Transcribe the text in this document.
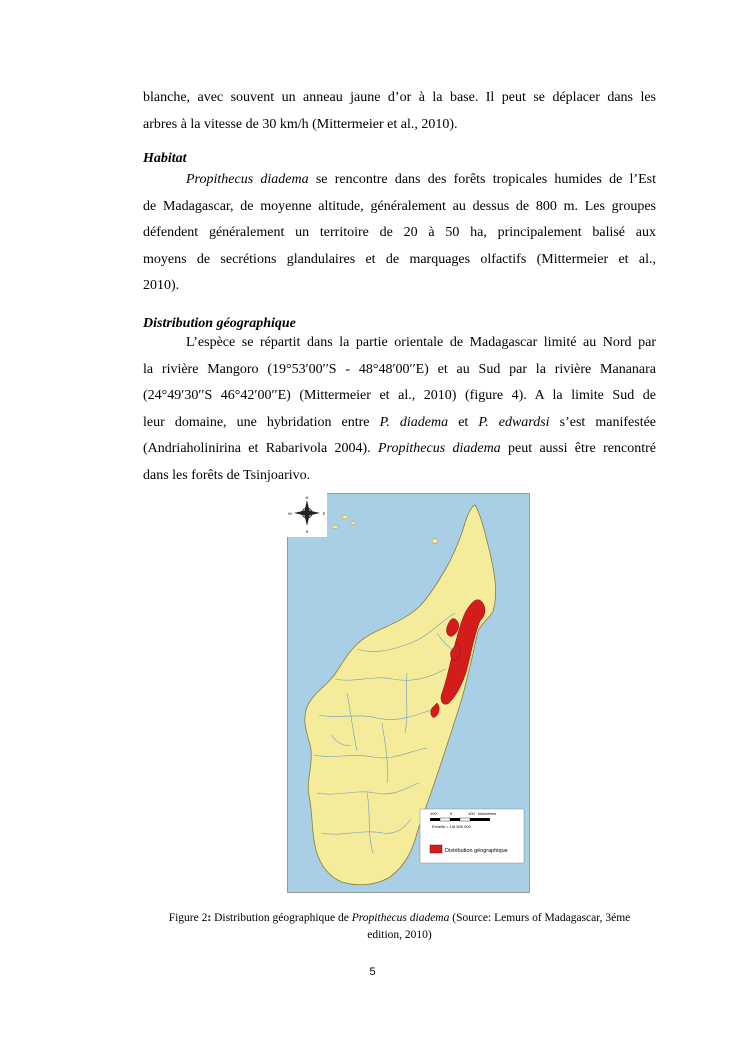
blanche, avec souvent un anneau jaune d’or à la base. Il peut se déplacer dans les
arbres à la vitesse de 30 km/h (Mittermeier et al., 2010).
Habitat
Propithecus diadema se rencontre dans des forêts tropicales humides de l’Est
de Madagascar, de moyenne altitude, généralement au dessus de 800 m. Les groupes
défendent généralement un territoire de 20 à 50 ha, principalement balisé aux
moyens de secrétions glandulaires et de marquages olfactifs (Mittermeier et al.,
2010).
Distribution géographique
L’espèce se répartit dans la partie orientale de Madagascar limité au Nord par
la rivière Mangoro (19°53′00′′S - 48°48′00′′E) et au Sud par la rivière Mananara
(24°49′30′′S 46°42′00′′E) (Mittermeier et al., 2010) (figure 4). A la limite Sud de
leur domaine, une hybridation entre P. diadema et P. edwardsi s’est manifestée
(Andriaholinirina et Rabarivola 2004). Propithecus diadema peut aussi être rencontré
dans les forêts de Tsinjoarivo.
N
S
E
W
100	0	100 kilomètres
Echelle = 1/8 500 000
Distribution géographique
Figure 2: Distribution géographique de Propithecus diadema (Source: Lemurs of Madagascar, 3éme
edition, 2010)
5
